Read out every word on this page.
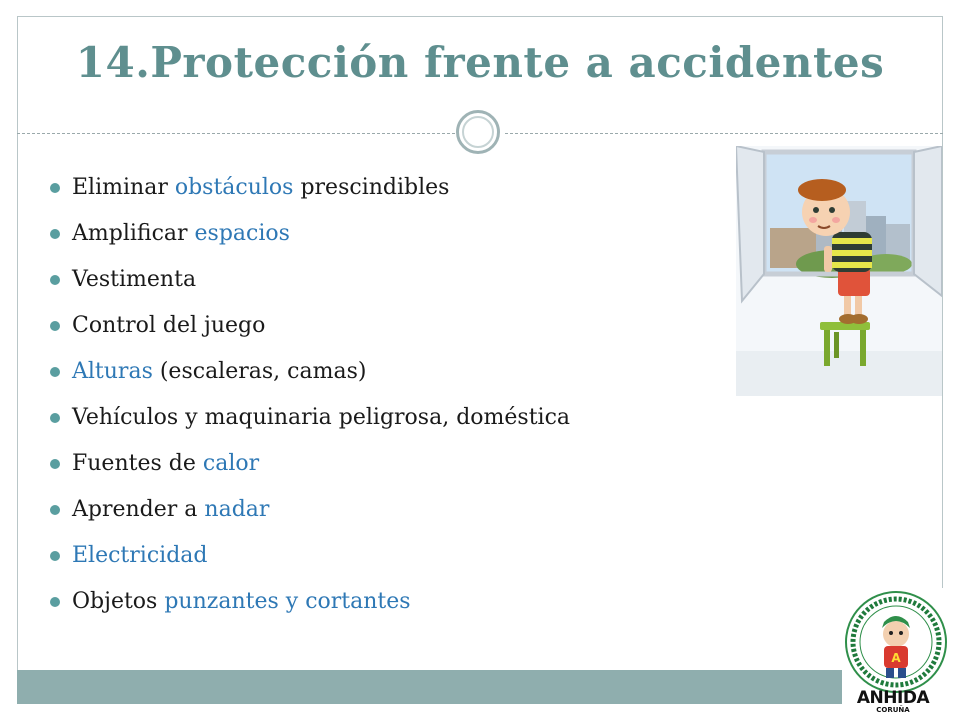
14.Protección frente a accidentes
Eliminar obstáculos prescindibles
Amplificar espacios
Vestimenta
Control del juego
Alturas (escaleras, camas)
Vehículos y maquinaria peligrosa, doméstica
Fuentes de calor
Aprender a nadar
Electricidad
Objetos punzantes y cortantes
A
ANHIDA
CORUÑA
